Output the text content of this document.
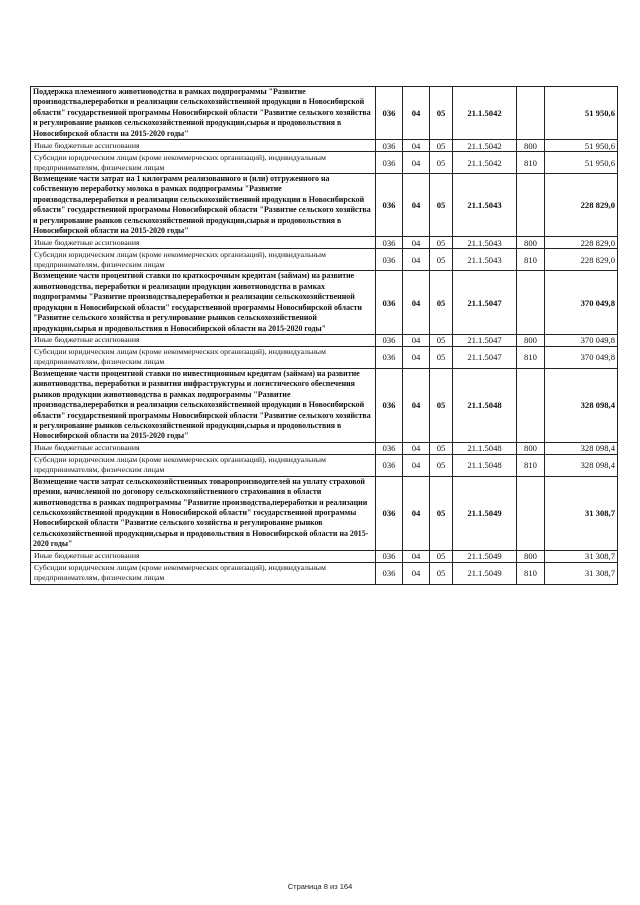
Поддержка племенного животноводства в рамках подпрограммы "Развитие производства,переработки и реализации сельскохозяйственной продукции в Новосибирской области" государственной программы Новосибирской области "Развитие сельского хозяйства и регулирование рынков сельскохозяйственной продукции,сырья и продовольствия в Новосибирской области на 2015-2020 годы"	036	04	05	21.1.5042		51 950,6
Иные бюджетные ассигнования	036	04	05	21.1.5042	800	51 950,6
Субсидии юридическим лицам (кроме некоммерческих организаций), индивидуальным предпринимателям, физическим лицам	036	04	05	21.1.5042	810	51 950,6
Возмещение части затрат на 1 килограмм реализованного и (или) отгруженного на собственную переработку молока в рамках подпрограммы "Развитие производства,переработки и реализации сельскохозяйственной продукции в Новосибирской области" государственной программы Новосибирской области "Развитие сельского хозяйства и регулирование рынков сельскохозяйственной продукции,сырья и продовольствия в Новосибирской области на 2015-2020 годы"	036	04	05	21.1.5043		228 829,0
Иные бюджетные ассигнования	036	04	05	21.1.5043	800	228 829,0
Субсидии юридическим лицам (кроме некоммерческих организаций), индивидуальным предпринимателям, физическим лицам	036	04	05	21.1.5043	810	228 829,0
Возмещение части процентной ставки по краткосрочным кредитам (займам) на развитие животноводства, переработки и реализации продукции животноводства в рамках подпрограммы "Развитие производства,переработки и реализации сельскохозяйственной продукции в Новосибирской области" государственной программы Новосибирской области "Развитие сельского хозяйства и регулирование рынков сельскохозяйственной продукции,сырья и продовольствия в Новосибирской области на 2015-2020 годы"	036	04	05	21.1.5047		370 049,8
Иные бюджетные ассигнования	036	04	05	21.1.5047	800	370 049,8
Субсидии юридическим лицам (кроме некоммерческих организаций), индивидуальным предпринимателям, физическим лицам	036	04	05	21.1.5047	810	370 049,8
Возмещение части процентной ставки по инвестиционным кредитам (займам) на развитие животноводства, переработки и развития инфраструктуры и логистического обеспечения рынков продукции животноводства в рамках подпрограммы "Развитие производства,переработки и реализации сельскохозяйственной продукции в Новосибирской области" государственной программы Новосибирской области "Развитие сельского хозяйства и регулирование рынков сельскохозяйственной продукции,сырья и продовольствия в Новосибирской области на 2015-2020 годы"	036	04	05	21.1.5048		328 098,4
Иные бюджетные ассигнования	036	04	05	21.1.5048	800	328 098,4
Субсидии юридическим лицам (кроме некоммерческих организаций), индивидуальным предпринимателям, физическим лицам	036	04	05	21.1.5048	810	328 098,4
Возмещение части затрат сельскохозяйственных товаропроизводителей на уплату страховой премии, начисленной по договору сельскохозяйственного страхования в области животноводства в рамках подпрограммы "Развитие производства,переработки и реализации сельскохозяйственной продукции в Новосибирской области" государственной программы Новосибирской области "Развитие сельского хозяйства и регулирование рынков сельскохозяйственной продукции,сырья и продовольствия в Новосибирской области на 2015-2020 годы"	036	04	05	21.1.5049		31 308,7
Иные бюджетные ассигнования	036	04	05	21.1.5049	800	31 308,7
Субсидии юридическим лицам (кроме некоммерческих организаций), индивидуальным предпринимателям, физическим лицам	036	04	05	21.1.5049	810	31 308,7
Страница 8 из 164
